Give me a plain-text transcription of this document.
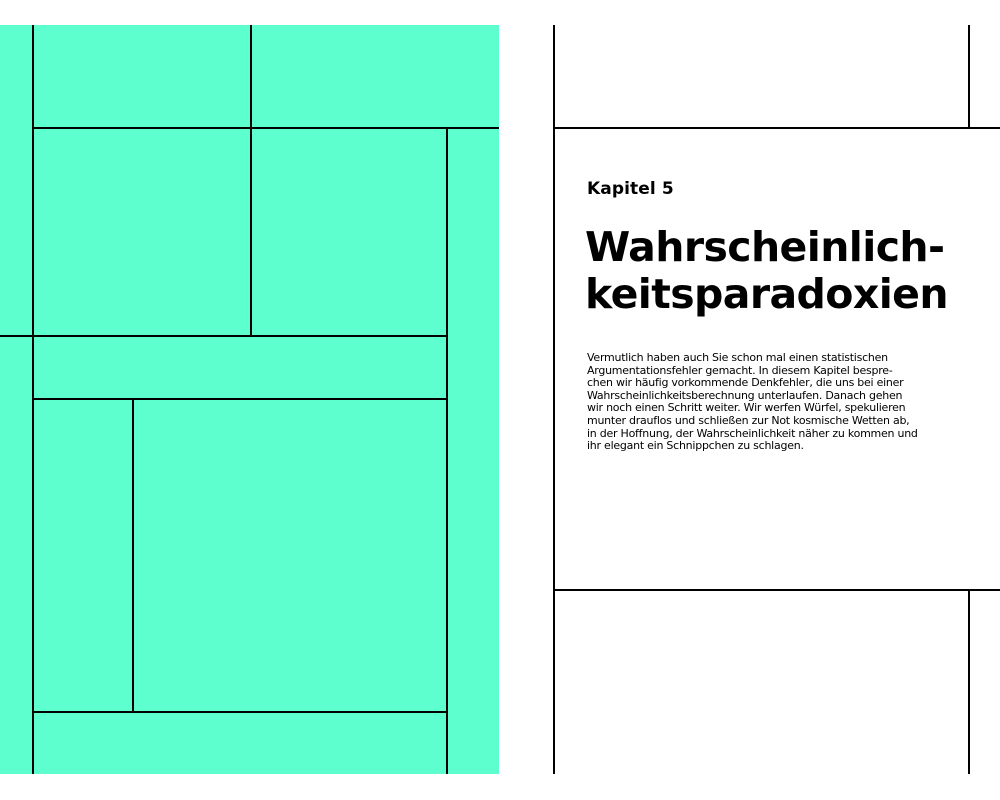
Kapitel 5
Wahrscheinlich-
keitsparadoxien

Vermutlich haben auch Sie schon mal einen statistischen
Argumentationsfehler gemacht. In diesem Kapitel bespre-
chen wir häufig vorkommende Denkfehler, die uns bei einer
Wahrscheinlichkeitsberechnung unterlaufen. Danach gehen
wir noch einen Schritt weiter. Wir werfen Würfel, spekulieren
munter drauflos und schließen zur Not kosmische Wetten ab,
in der Hoffnung, der Wahrscheinlichkeit näher zu kommen und
ihr elegant ein Schnippchen zu schlagen.
